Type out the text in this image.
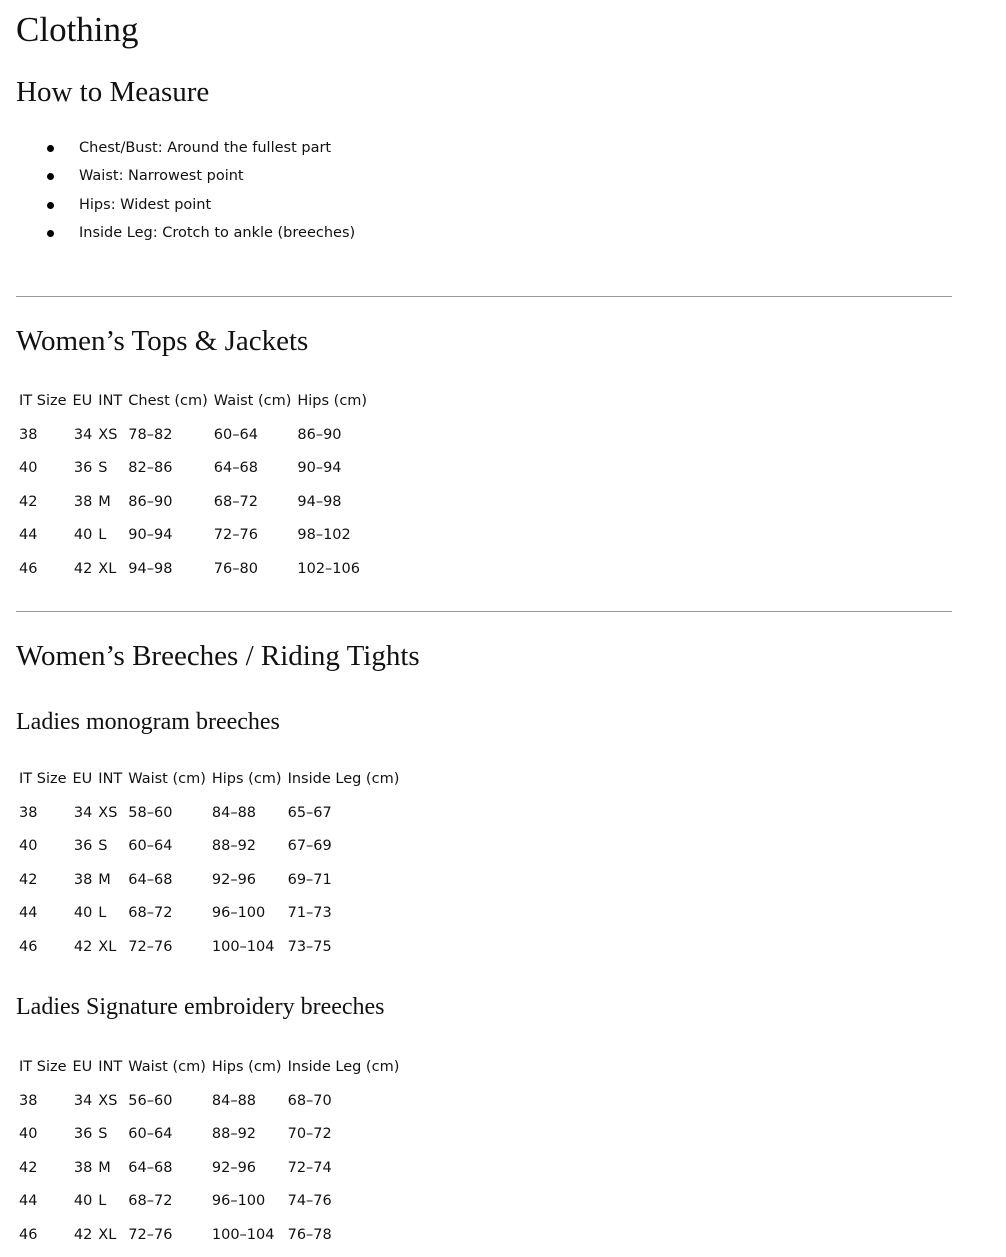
Clothing
How to Measure
Chest/Bust: Around the fullest part
Waist: Narrowest point
Hips: Widest point
Inside Leg: Crotch to ankle (breeches)
Women’s Tops & Jackets
IT Size	EU	INT	Chest (cm)	Waist (cm)	Hips (cm)
38	34	XS	78–82	60–64	86–90
40	36	S	82–86	64–68	90–94
42	38	M	86–90	68–72	94–98
44	40	L	90–94	72–76	98–102
46	42	XL	94–98	76–80	102–106
Women’s Breeches / Riding Tights
Ladies monogram breeches
IT Size	EU	INT	Waist (cm)	Hips (cm)	Inside Leg (cm)
38	34	XS	58–60	84–88	65–67
40	36	S	60–64	88–92	67–69
42	38	M	64–68	92–96	69–71
44	40	L	68–72	96–100	71–73
46	42	XL	72–76	100–104	73–75
Ladies Signature embroidery breeches
IT Size	EU	INT	Waist (cm)	Hips (cm)	Inside Leg (cm)
38	34	XS	56–60	84–88	68–70
40	36	S	60–64	88–92	70–72
42	38	M	64–68	92–96	72–74
44	40	L	68–72	96–100	74–76
46	42	XL	72–76	100–104	76–78
